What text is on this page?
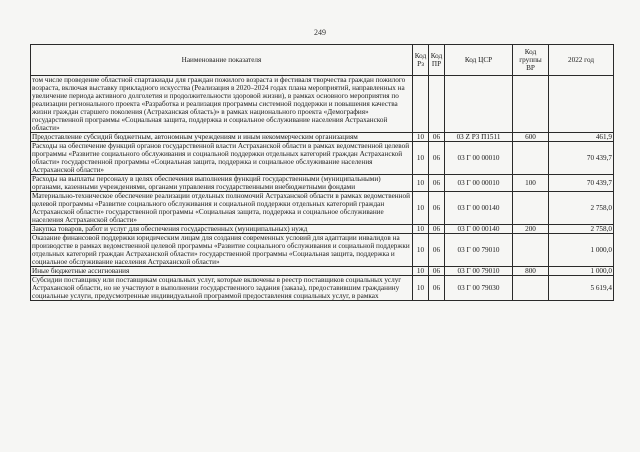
249
Наименование показателя	Код Рз	Код ПР	Код ЦСР	Код группы ВР	2022 год
том числе проведение областной спартакиады для граждан пожилого возраста и фестиваля творчества граждан пожилого возраста, включая выставку прикладного искусства (Реализация в 2020–2024 годах плана мероприятий, направленных на увеличение периода активного долголетия и продолжительности здоровой жизни), в рамках основного мероприятия по реализации регионального проекта «Разработка и реализация программы системной поддержки и повышения качества жизни граждан старшего поколения (Астраханская область)» в рамках национального проекта «Демография» государственной программы «Социальная защита, поддержка и социальное обслуживание населения Астраханской области»					
Предоставление субсидий бюджетным, автономным учреждениям и иным некоммерческим организациям	10	06	03 Z P3 П1511	600	461,9
Расходы на обеспечение функций органов государственной власти Астраханской области в рамках ведомственной целевой программы «Развитие социального обслуживания и социальной поддержки отдельных категорий граждан Астраханской области» государственной программы «Социальная защита, поддержка и социальное обслуживание населения Астраханской области»	10	06	03 Г 00 00010		70 439,7
Расходы на выплаты персоналу в целях обеспечения выполнения функций государственными (муниципальными) органами, казенными учреждениями, органами управления государственными внебюджетными фондами	10	06	03 Г 00 00010	100	70 439,7
Материально-техническое обеспечение реализации отдельных полномочий Астраханской области в рамках ведомственной целевой программы «Развитие социального обслуживания и социальной поддержки отдельных категорий граждан Астраханской области» государственной программы «Социальная защита, поддержка и социальное обслуживание населения Астраханской области»	10	06	03 Г 00 00140		2 758,0
Закупка товаров, работ и услуг для обеспечения государственных (муниципальных) нужд	10	06	03 Г 00 00140	200	2 758,0
Оказание финансовой поддержки юридическим лицам для создания современных условий для адаптации инвалидов на производстве в рамках ведомственной целевой программы «Развитие социального обслуживания и социальной поддержки отдельных категорий граждан Астраханской области» государственной программы «Социальная защита, поддержка и социальное обслуживание населения Астраханской области»	10	06	03 Г 00 79010		1 000,0
Иные бюджетные ассигнования	10	06	03 Г 00 79010	800	1 000,0
Субсидии поставщику или поставщикам социальных услуг, которые включены в реестр поставщиков социальных услуг Астраханской области, но не участвуют в выполнении государственного задания (заказа), предоставившим гражданину социальные услуги, предусмотренные индивидуальной программой предоставления социальных услуг, в рамках	10	06	03 Г 00 79030		5 619,4
